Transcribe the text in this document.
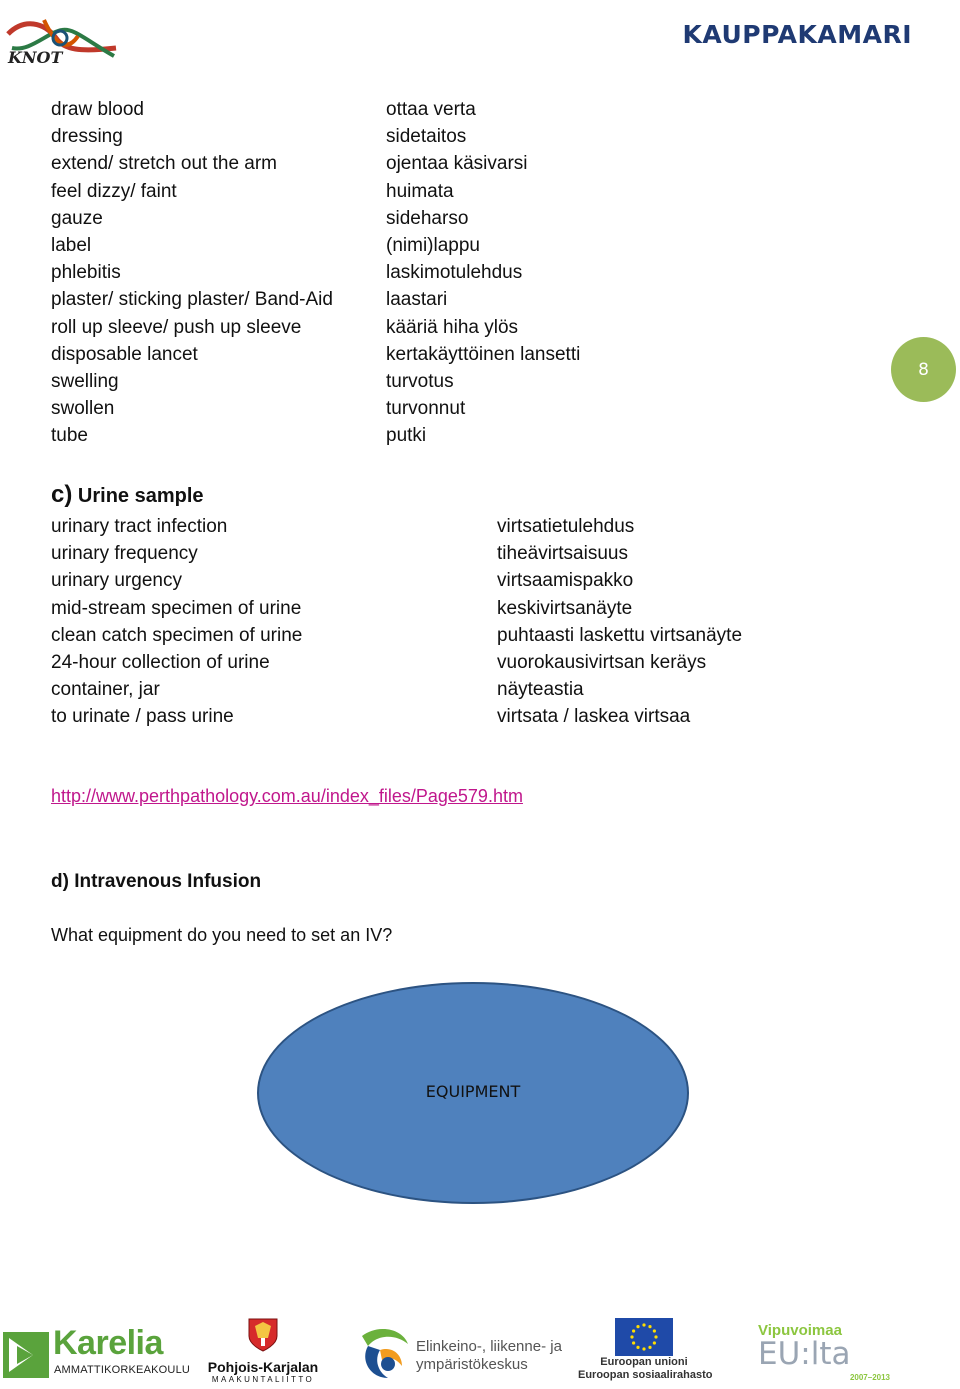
KNOT
KAUPPAKAMARI
draw blood
dressing
extend/ stretch out the arm
feel dizzy/ faint
gauze
label
phlebitis
plaster/ sticking plaster/ Band-Aid
roll up sleeve/ push up sleeve
disposable lancet
swelling
swollen
tube
ottaa verta
sidetaitos
ojentaa käsivarsi
huimata
sideharso
(nimi)lappu
laskimotulehdus
laastari
kääriä hiha ylös
kertakäyttöinen lansetti
turvotus
turvonnut
putki
8
c) Urine sample
urinary tract infection
urinary frequency
urinary urgency
mid-stream specimen of urine
clean catch specimen of urine
24-hour collection of urine
container, jar
to urinate / pass urine
virtsatietulehdus
tiheävirtsaisuus
virtsaamispakko
keskivirtsanäyte
puhtaasti laskettu virtsanäyte
vuorokausivirtsan keräys
näyteastia
virtsata / laskea virtsaa
http://www.perthpathology.com.au/index_files/Page579.htm
d) Intravenous Infusion
What equipment do you need to set an IV?
EQUIPMENT
Karelia
AMMATTIKORKEAKOULU	Pohjois-Karjalan
MAAKUNTALIITTO
Elinkeino-, liikenne- ja
ympäristökeskus	Euroopan unioni
Euroopan sosiaalirahasto
Vipuvoimaa
EU:lta
2007–2013
